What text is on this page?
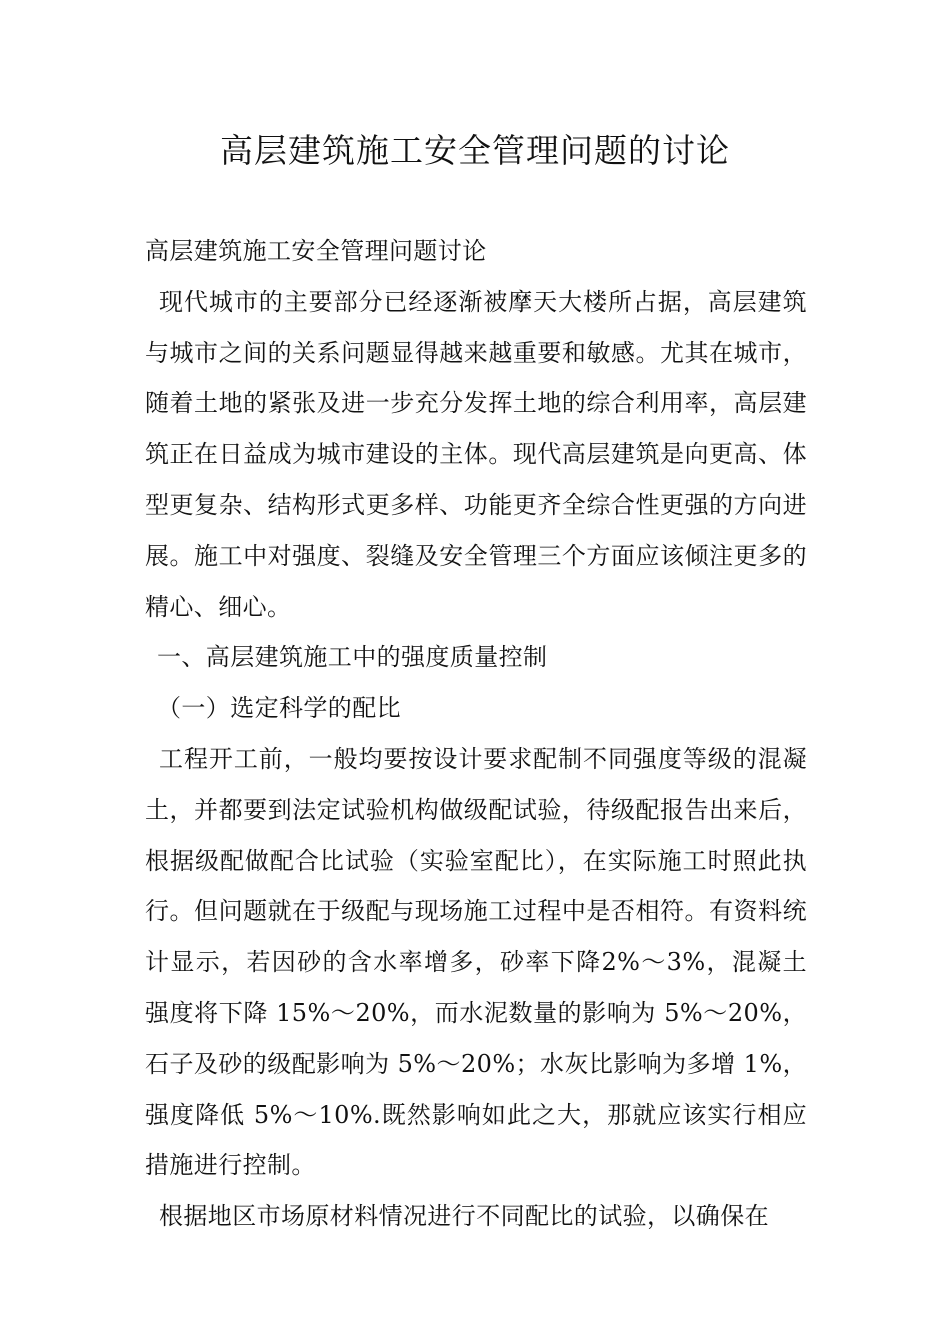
高层建筑施工安全管理问题的讨论

高层建筑施工安全管理问题讨论

现代城市的主要部分已经逐渐被摩天大楼所占据，高层建筑与城市之间的关系问题显得越来越重要和敏感。尤其在城市，随着土地的紧张及进一步充分发挥土地的综合利用率，高层建筑正在日益成为城市建设的主体。现代高层建筑是向更高、体型更复杂、结构形式更多样、功能更齐全综合性更强的方向进展。施工中对强度、裂缝及安全管理三个方面应该倾注更多的精心、细心。

一、高层建筑施工中的强度质量控制

（一）选定科学的配比

工程开工前，一般均要按设计要求配制不同强度等级的混凝土，并都要到法定试验机构做级配试验，待级配报告出来后，根据级配做配合比试验（实验室配比），在实际施工时照此执行。但问题就在于级配与现场施工过程中是否相符。有资料统计显示，若因砂的含水率增多，砂率下降2%～3%，混凝土强度将下降 15%～20%，而水泥数量的影响为 5%～20%，石子及砂的级配影响为 5%～20%；水灰比影响为多增 1%，强度降低 5%～10%.既然影响如此之大，那就应该实行相应措施进行控制。

根据地区市场原材料情况进行不同配比的试验，以确保在
